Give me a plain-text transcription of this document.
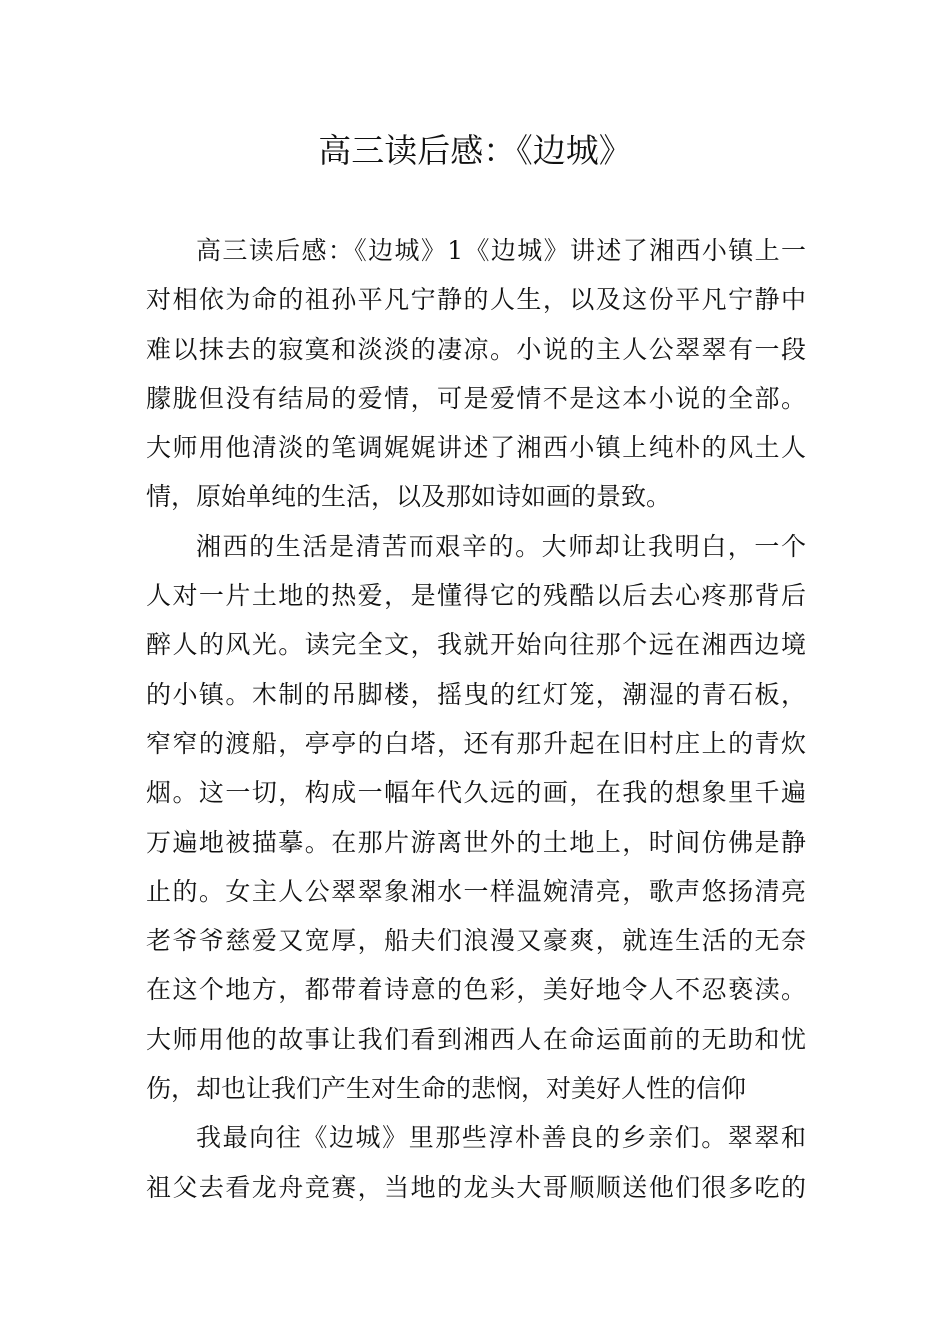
高三读后感：《边城》
高三读后感：《边城》1《边城》讲述了湘西小镇上一
对相依为命的祖孙平凡宁静的人生，以及这份平凡宁静中
难以抹去的寂寞和淡淡的凄凉。小说的主人公翠翠有一段
朦胧但没有结局的爱情，可是爱情不是这本小说的全部。
大师用他清淡的笔调娓娓讲述了湘西小镇上纯朴的风土人
情，原始单纯的生活，以及那如诗如画的景致。
湘西的生活是清苦而艰辛的。大师却让我明白，一个
人对一片土地的热爱，是懂得它的残酷以后去心疼那背后
醉人的风光。读完全文，我就开始向往那个远在湘西边境
的小镇。木制的吊脚楼，摇曳的红灯笼，潮湿的青石板，
窄窄的渡船，亭亭的白塔，还有那升起在旧村庄上的青炊
烟。这一切，构成一幅年代久远的画，在我的想象里千遍
万遍地被描摹。在那片游离世外的土地上，时间仿佛是静
止的。女主人公翠翠象湘水一样温婉清亮，歌声悠扬清亮
老爷爷慈爱又宽厚，船夫们浪漫又豪爽，就连生活的无奈
在这个地方，都带着诗意的色彩，美好地令人不忍亵渎。
大师用他的故事让我们看到湘西人在命运面前的无助和忧
伤，却也让我们产生对生命的悲悯，对美好人性的信仰
我最向往《边城》里那些淳朴善良的乡亲们。翠翠和
祖父去看龙舟竞赛，当地的龙头大哥顺顺送他们很多吃的
